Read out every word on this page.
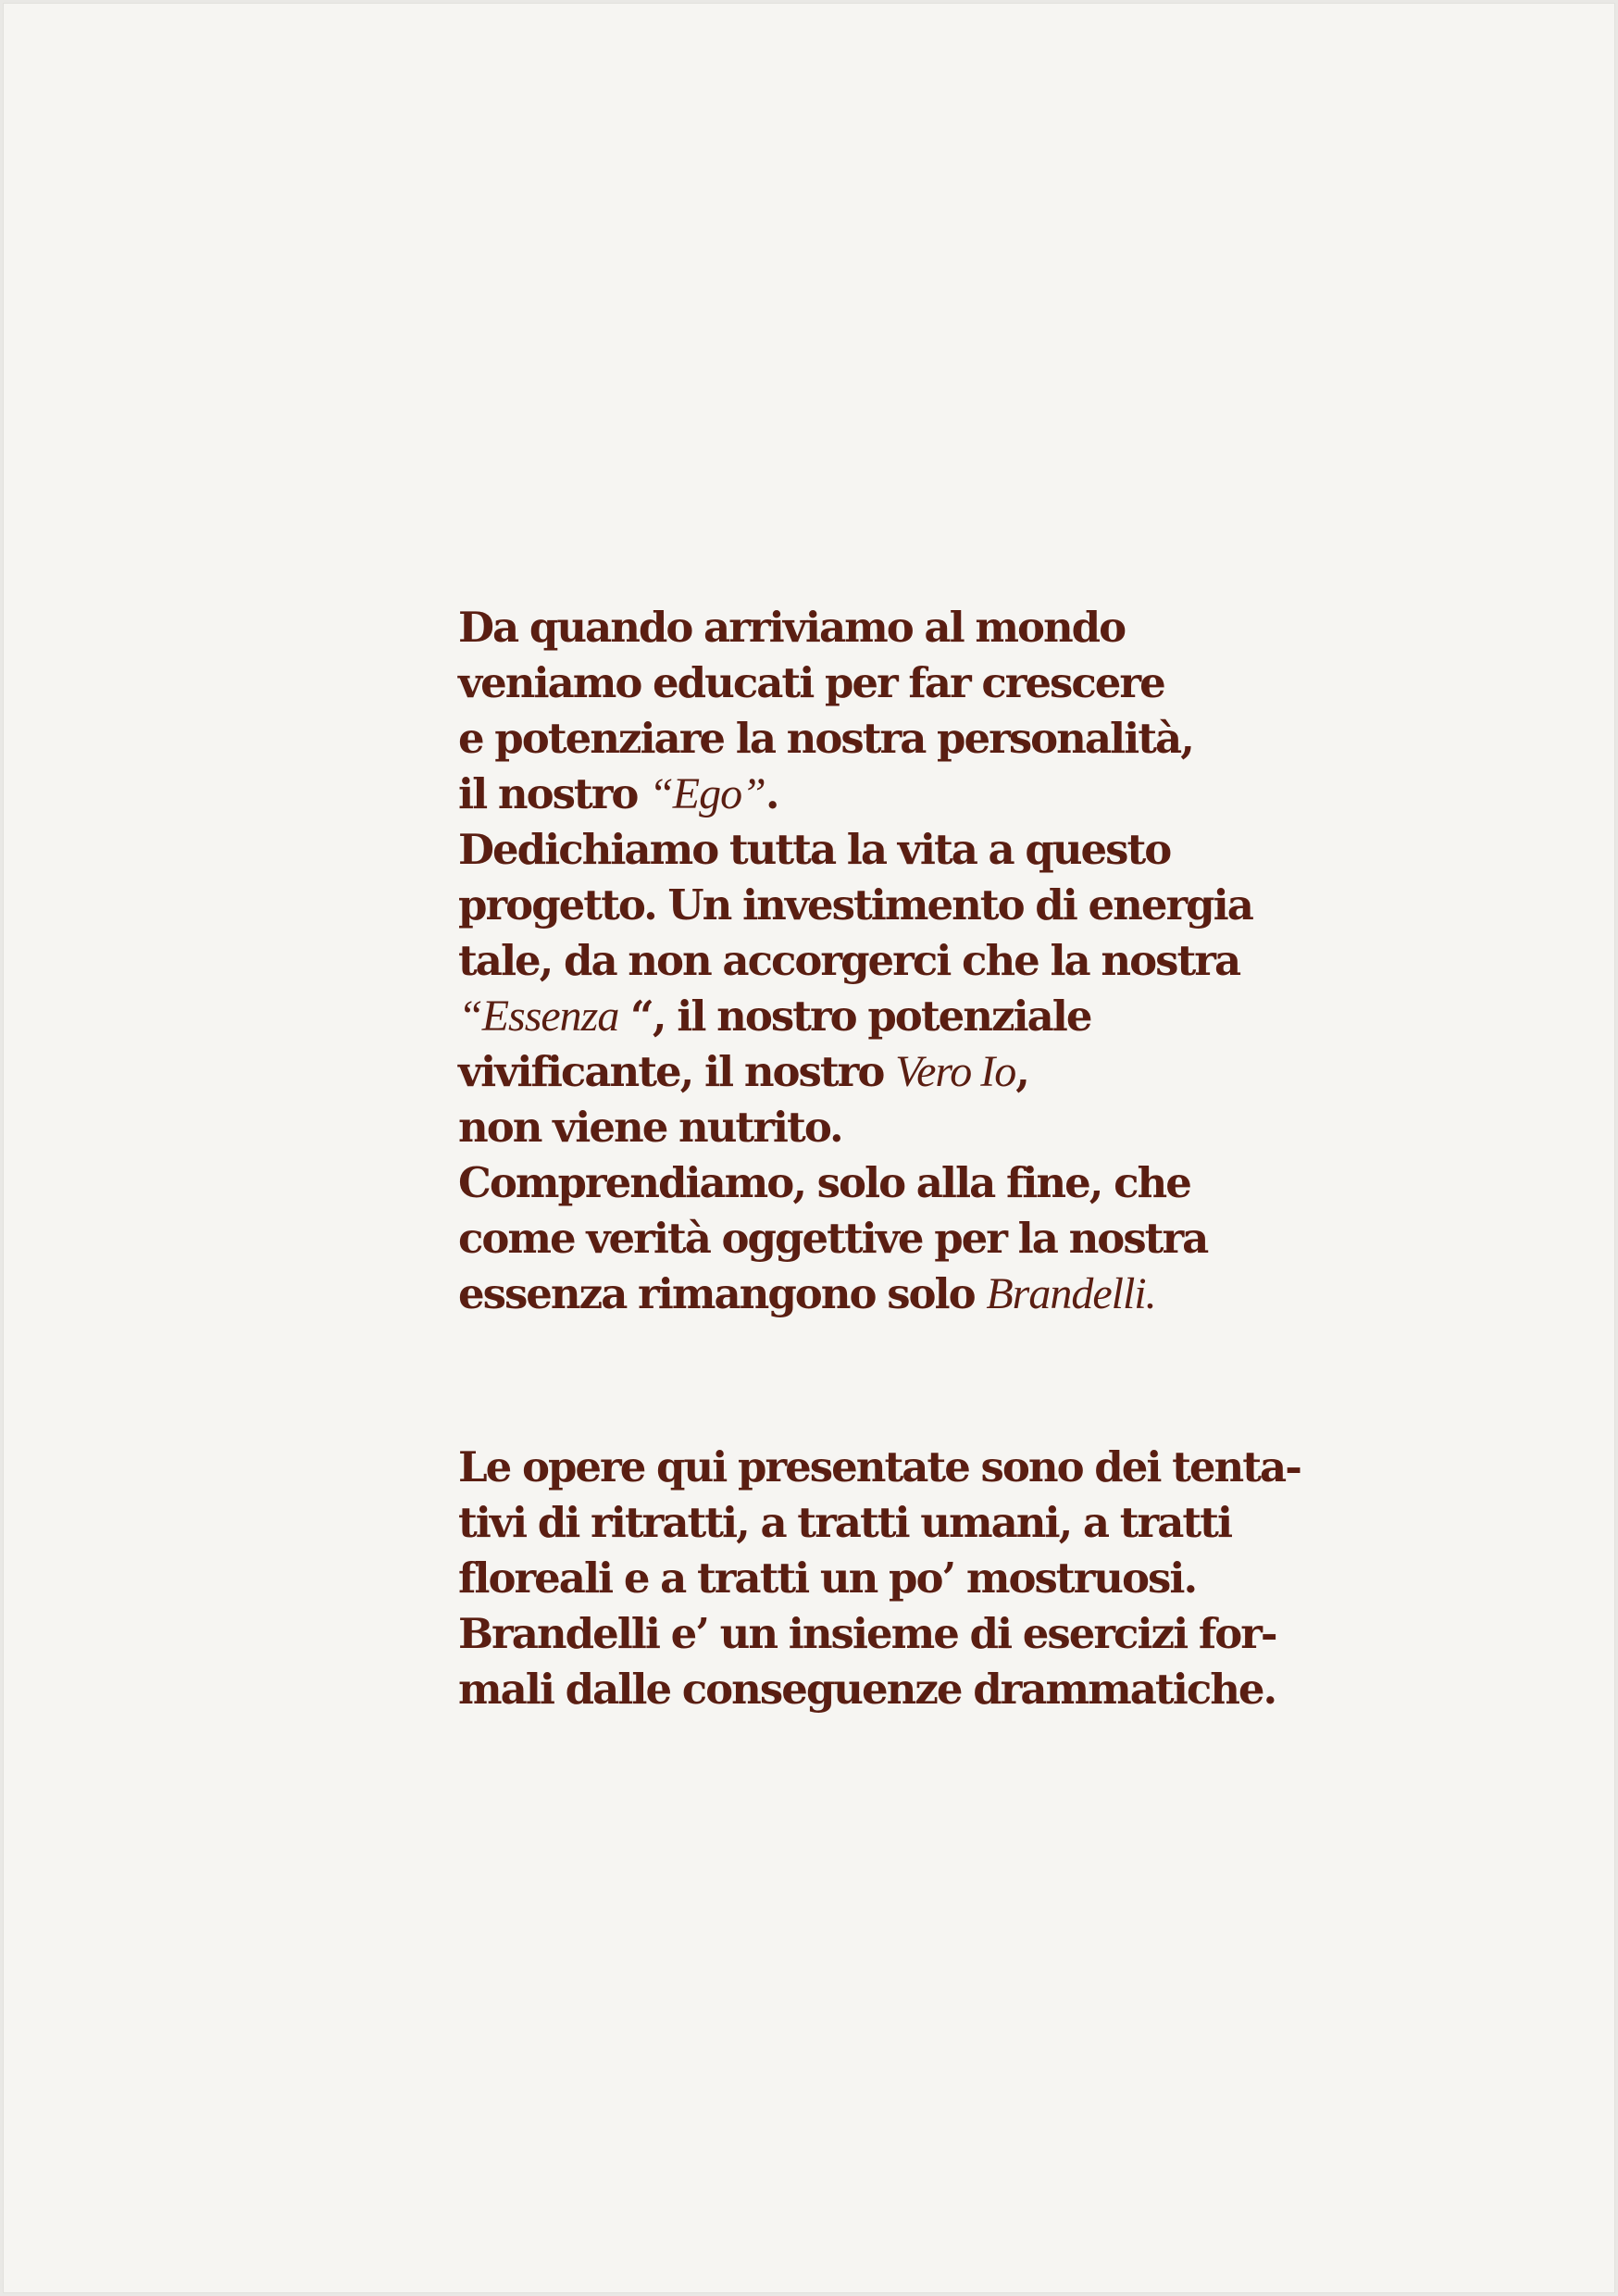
Da quando arriviamo al mondo
veniamo educati per far crescere
e potenziare la nostra personalità,
il nostro “Ego”.
Dedichiamo tutta la vita a questo
progetto. Un investimento di energia
tale, da non accorgerci che la nostra
“Essenza “, il nostro potenziale
vivificante, il nostro Vero Io,
non viene nutrito.
Comprendiamo, solo alla fine, che
come verità oggettive per la nostra
essenza rimangono solo Brandelli.
Le opere qui presentate sono dei tenta-
tivi di ritratti, a tratti umani, a tratti
floreali e a tratti un po’ mostruosi.
Brandelli e’ un insieme di esercizi for-
mali dalle conseguenze drammatiche.
